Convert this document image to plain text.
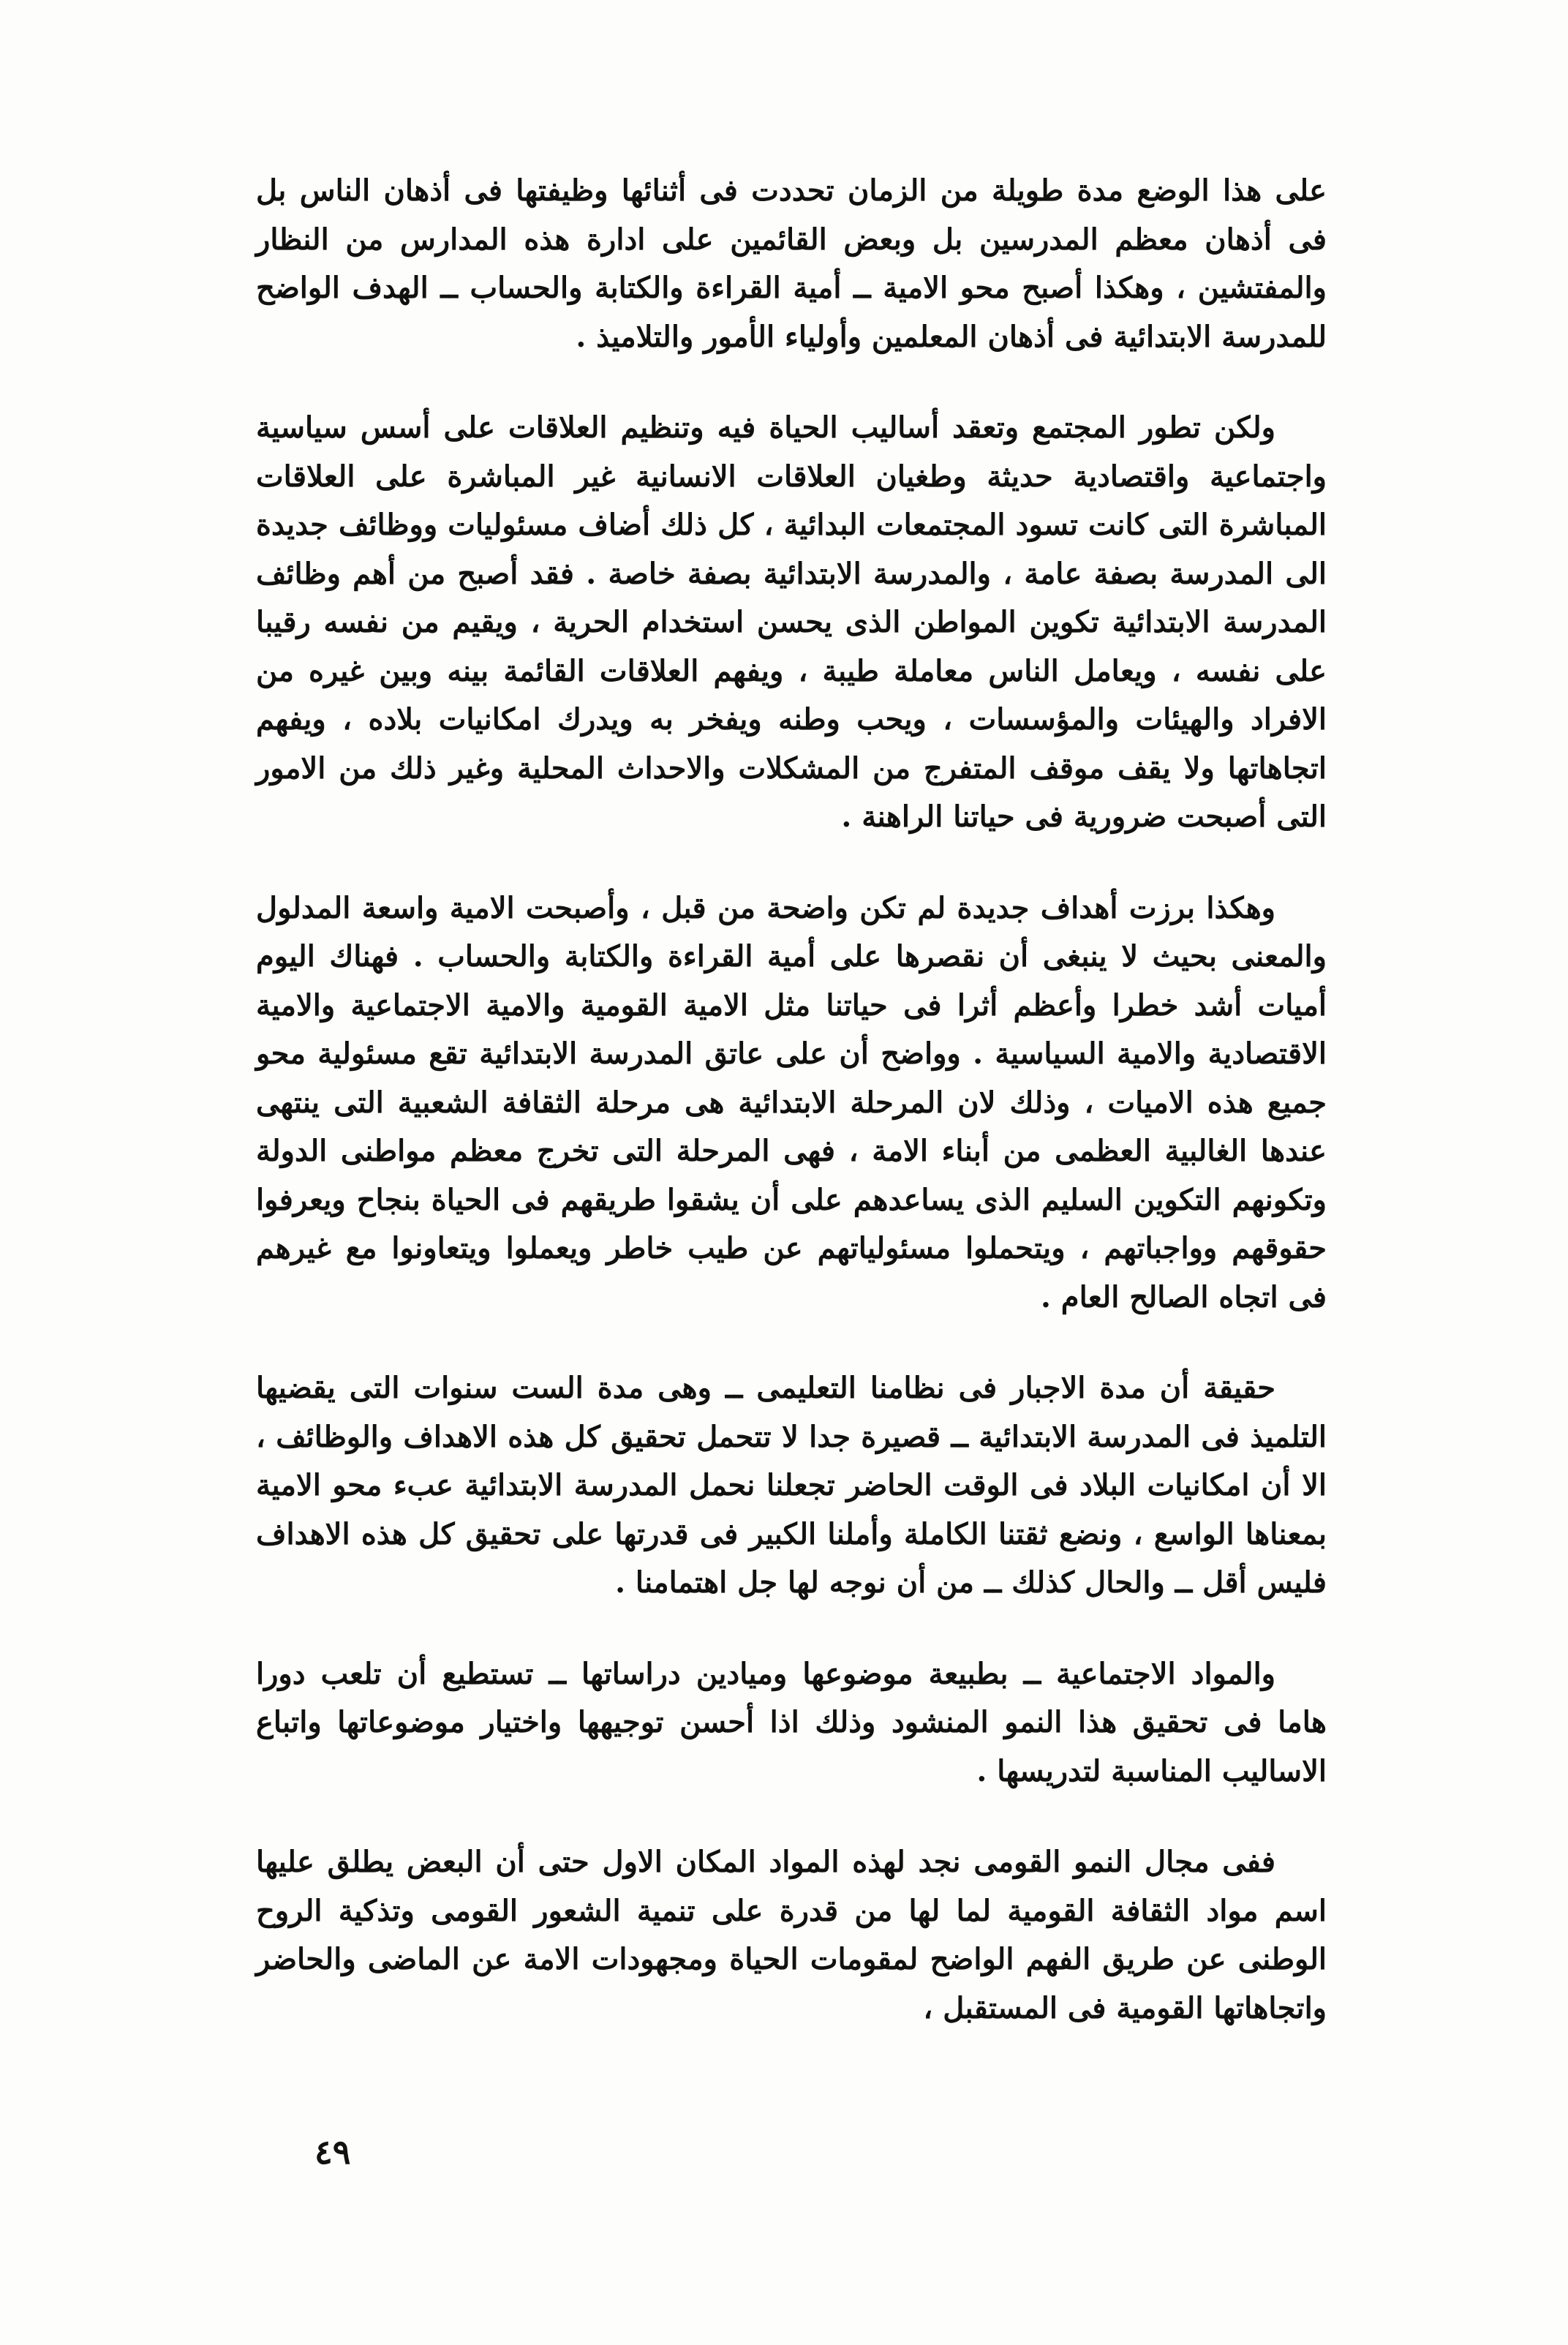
على هذا الوضع مدة طويلة من الزمان تحددت فى أثنائها وظيفتها فى أذهان الناس بل فى أذهان معظم المدرسين بل وبعض القائمين على ادارة هذه المدارس من النظار والمفتشين ، وهكذا أصبح محو الامية ــ أمية القراءة والكتابة والحساب ــ الهدف الواضح للمدرسة الابتدائية فى أذهان المعلمين وأولياء الأمور والتلاميذ .

ولكن تطور المجتمع وتعقد أساليب الحياة فيه وتنظيم العلاقات على أسس سياسية واجتماعية واقتصادية حديثة وطغيان العلاقات الانسانية غير المباشرة على العلاقات المباشرة التى كانت تسود المجتمعات البدائية ، كل ذلك أضاف مسئوليات ووظائف جديدة الى المدرسة بصفة عامة ، والمدرسة الابتدائية بصفة خاصة . فقد أصبح من أهم وظائف المدرسة الابتدائية تكوين المواطن الذى يحسن استخدام الحرية ، ويقيم من نفسه رقيبا على نفسه ، ويعامل الناس معاملة طيبة ، ويفهم العلاقات القائمة بينه وبين غيره من الافراد والهيئات والمؤسسات ، ويحب وطنه ويفخر به ويدرك امكانيات بلاده ، ويفهم اتجاهاتها ولا يقف موقف المتفرج من المشكلات والاحداث المحلية وغير ذلك من الامور التى أصبحت ضرورية فى حياتنا الراهنة .

وهكذا برزت أهداف جديدة لم تكن واضحة من قبل ، وأصبحت الامية واسعة المدلول والمعنى بحيث لا ينبغى أن نقصرها على أمية القراءة والكتابة والحساب . فهناك اليوم أميات أشد خطرا وأعظم أثرا فى حياتنا مثل الامية القومية والامية الاجتماعية والامية الاقتصادية والامية السياسية . وواضح أن على عاتق المدرسة الابتدائية تقع مسئولية محو جميع هذه الاميات ، وذلك لان المرحلة الابتدائية هى مرحلة الثقافة الشعبية التى ينتهى عندها الغالبية العظمى من أبناء الامة ، فهى المرحلة التى تخرج معظم مواطنى الدولة وتكونهم التكوين السليم الذى يساعدهم على أن يشقوا طريقهم فى الحياة بنجاح ويعرفوا حقوقهم وواجباتهم ، ويتحملوا مسئولياتهم عن طيب خاطر ويعملوا ويتعاونوا مع غيرهم فى اتجاه الصالح العام .

حقيقة أن مدة الاجبار فى نظامنا التعليمى ــ وهى مدة الست سنوات التى يقضيها التلميذ فى المدرسة الابتدائية ــ قصيرة جدا لا تتحمل تحقيق كل هذه الاهداف والوظائف ، الا أن امكانيات البلاد فى الوقت الحاضر تجعلنا نحمل المدرسة الابتدائية عبء محو الامية بمعناها الواسع ، ونضع ثقتنا الكاملة وأملنا الكبير فى قدرتها على تحقيق كل هذه الاهداف فليس أقل ــ والحال كذلك ــ من أن نوجه لها جل اهتمامنا .

والمواد الاجتماعية ــ بطبيعة موضوعها وميادين دراساتها ــ تستطيع أن تلعب دورا هاما فى تحقيق هذا النمو المنشود وذلك اذا أحسن توجيهها واختيار موضوعاتها واتباع الاساليب المناسبة لتدريسها .

ففى مجال النمو القومى نجد لهذه المواد المكان الاول حتى أن البعض يطلق عليها اسم مواد الثقافة القومية لما لها من قدرة على تنمية الشعور القومى وتذكية الروح الوطنى عن طريق الفهم الواضح لمقومات الحياة ومجهودات الامة عن الماضى والحاضر واتجاهاتها القومية فى المستقبل ،

٤٩
